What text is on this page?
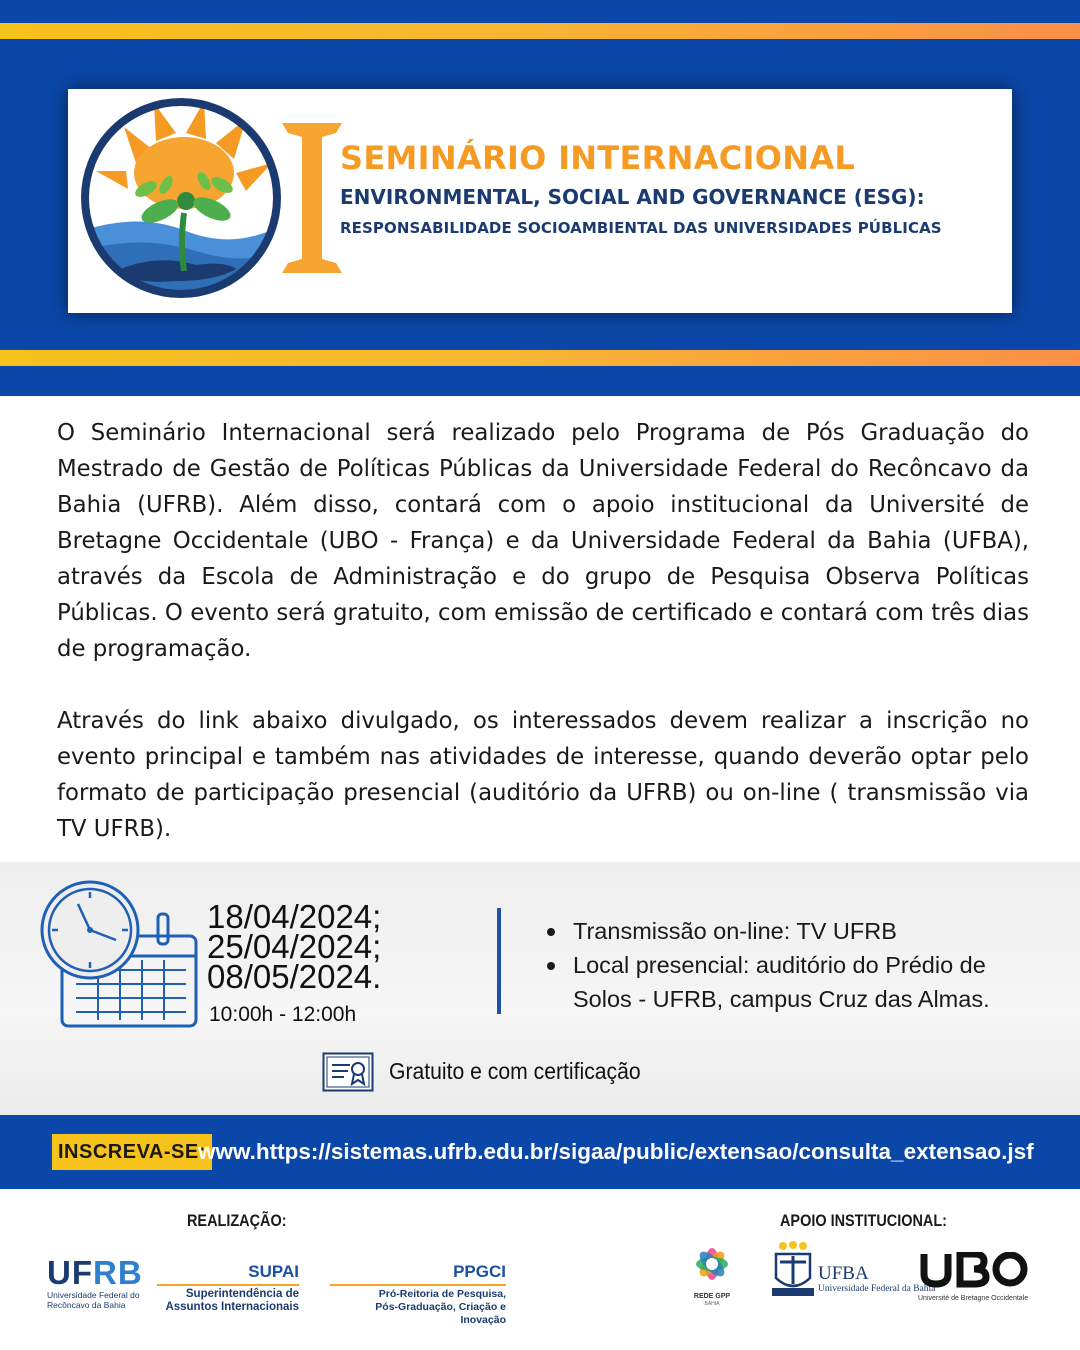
SEMINÁRIO INTERNACIONAL
ENVIRONMENTAL, SOCIAL AND GOVERNANCE (ESG):
RESPONSABILIDADE SOCIOAMBIENTAL DAS UNIVERSIDADES PÚBLICAS

O Seminário Internacional será realizado pelo Programa de Pós Graduação do Mestrado de Gestão de Políticas Públicas da Universidade Federal do Recôncavo da Bahia (UFRB). Além disso, contará com o apoio institucional da Université de Bretagne Occidentale (UBO - França) e da Universidade Federal da Bahia (UFBA), através da Escola de Administração e do grupo de Pesquisa Observa Políticas Públicas. O evento será gratuito, com emissão de certificado e contará com três dias de programação.

Através do link abaixo divulgado, os interessados devem realizar a inscrição no evento principal e também nas atividades de interesse, quando deverão optar pelo formato de participação presencial (auditório da UFRB) ou on-line ( transmissão via TV UFRB).

18/04/2024;
25/04/2024;
08/05/2024.
10:00h - 12:00h
Transmissão on-line: TV UFRB
Local presencial: auditório do Prédio de Solos - UFRB, campus Cruz das Almas.
Gratuito e com certificação
INSCREVA-SE:
www.https://sistemas.ufrb.edu.br/sigaa/public/extensao/consulta_extensao.jsf
REALIZAÇÃO:	APOIO INSTITUCIONAL:
UFRB
Universidade Federal do
Recôncavo da Bahia
SUPAI
Superintendência de
Assuntos Internacionais
PPGCI
Pró-Reitoria de Pesquisa,
Pós-Graduação, Criação e Inovação
REDE GPP
BAHIA
UFBA
Universidade Federal da Bahia
Université de Bretagne Occidentale
